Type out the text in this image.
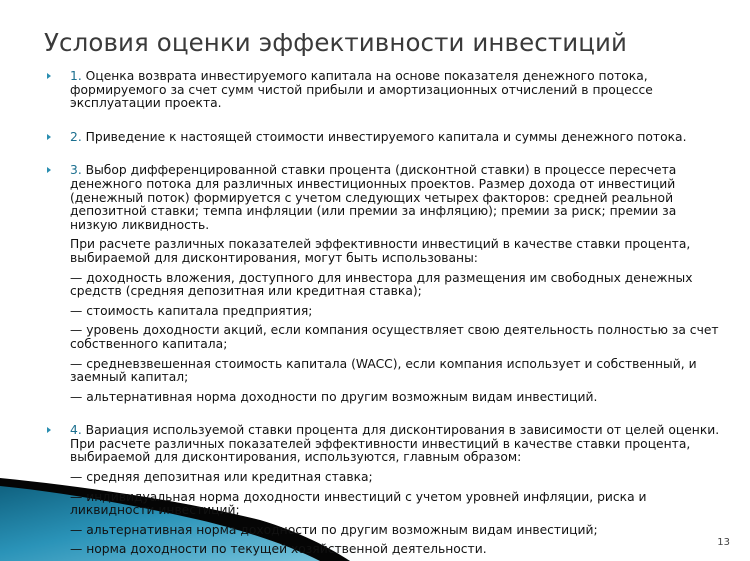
Условия оценки эффективности инвестиций

1. Оценка возврата инвестируемого капитала на основе показателя денежного потока, формируемого за счет сумм чистой прибыли и амортизационных отчислений в процессе эксплуатации проекта.

2. Приведение к настоящей стоимости инвестируемого капитала и суммы денежного потока.

3. Выбор дифференцированной ставки процента (дисконтной ставки) в процессе пересчета денежного потока для различных инвестиционных проектов. Размер дохода от инвестиций (денежный поток) формируется с учетом следующих четырех факторов: средней реальной депозитной ставки; темпа инфляции (или премии за инфляцию); премии за риск; премии за низкую ликвидность.

При расчете различных показателей эффективности инвестиций в качестве ставки процента, выбираемой для дисконтирования, могут быть использованы:

— доходность вложения, доступного для инвестора для размещения им свободных денежных средств (средняя депозитная или кредитная ставка);

— стоимость капитала предприятия;

— уровень доходности акций, если компания осуществляет свою деятельность полностью за счет собственного капитала;

— средневзвешенная стоимость капитала (WACC), если компания использует и собственный, и заемный капитал;

— альтернативная норма доходности по другим возможным видам инвестиций.

4. Вариация используемой ставки процента для дисконтирования в зависимости от целей оценки. При расчете различных показателей эффективности инвестиций в качестве ставки процента, выбираемой для дисконтирования, используются, главным образом:

— средняя депозитная или кредитная ставка;

— индивидуальная норма доходности инвестиций с учетом уровней инфляции, риска и ликвидности инвестиций;

— альтернативная норма доходности по другим возможным видам инвестиций;

— норма доходности по текущей хозяйственной деятельности.	13
